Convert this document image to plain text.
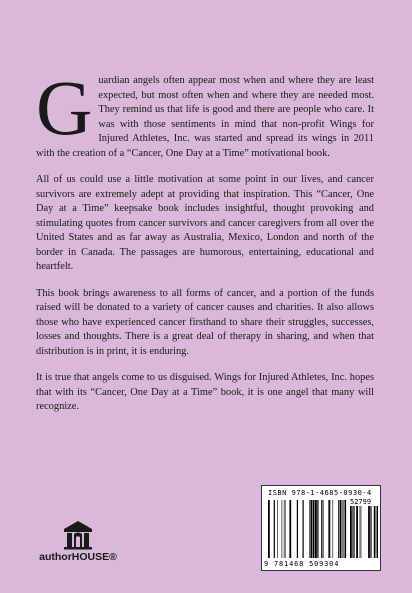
Guardian angels often appear most when and where they are least expected, but most often when and where they are needed most. They remind us that life is good and there are people who care. It was with those sentiments in mind that non-profit Wings for Injured Athletes, Inc. was started and spread its wings in 2011 with the creation of a “Cancer, One Day at a Time” motivational book.

All of us could use a little motivation at some point in our lives, and cancer survivors are extremely adept at providing that inspiration. This “Cancer, One Day at a Time” keepsake book includes insightful, thought provoking and stimulating quotes from cancer survivors and cancer caregivers from all over the United States and as far away as Australia, Mexico, London and north of the border in Canada. The passages are humorous, entertaining, educational and heartfelt.

This book brings awareness to all forms of cancer, and a portion of the funds raised will be donated to a variety of cancer causes and charities. It also allows those who have experienced cancer firsthand to share their struggles, successes, losses and thoughts. There is a great deal of therapy in sharing, and when that distribution is in print, it is enduring.

It is true that angels come to us disguised. Wings for Injured Athletes, Inc. hopes that with its “Cancer, One Day at a Time” book, it is one angel that many will recognize.

ISBN 978-1-4685-0930-4
52799
9 781468 509304
authorHOUSE®
